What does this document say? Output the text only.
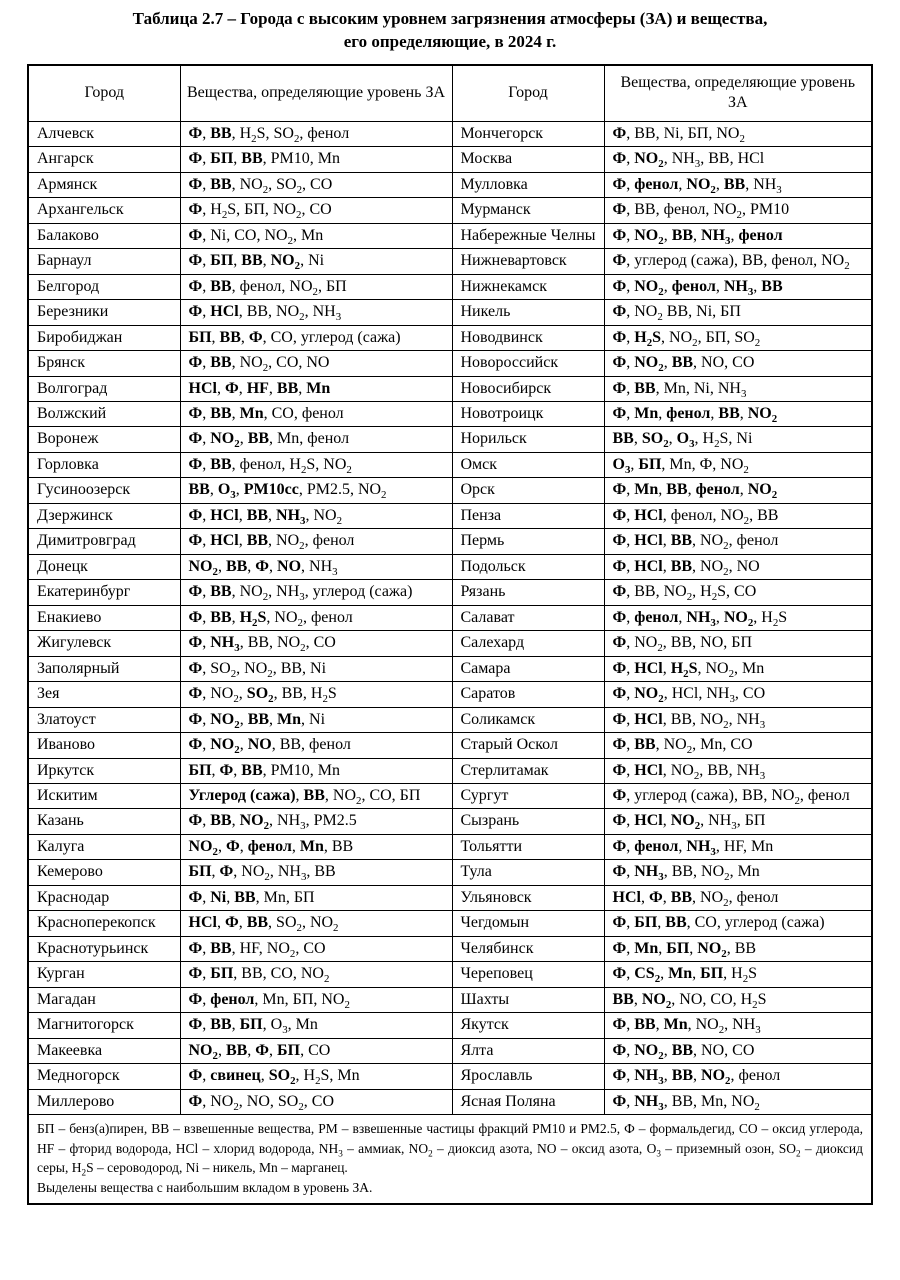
Таблица 2.7 – Города с высоким уровнем загрязнения атмосферы (ЗА) и вещества,
его определяющие, в 2024 г.
Город	Вещества, определяющие уровень ЗА	Город	Вещества, определяющие уровень ЗА
Алчевск	Ф, ВВ, $H_2S$, $SO_2$, фенол	Мончегорск	Ф, ВВ, Ni, БП, $NO_2$
Ангарск	Ф, БП, ВВ, PM10, Mn	Москва	Ф, $NO_2$, $NH_3$, ВВ, HCl
Армянск	Ф, ВВ, $NO_2$, $SO_2$, CO	Мулловка	Ф, фенол, $NO_2$, ВВ, $NH_3$
Архангельск	Ф, $H_2S$, БП, $NO_2$, CO	Мурманск	Ф, ВВ, фенол, $NO_2$, PM10
Балаково	Ф, Ni, CO, $NO_2$, Mn	Набережные Челны	Ф, $NO_2$, ВВ, $NH_3$, фенол
Барнаул	Ф, БП, ВВ, $NO_2$, Ni	Нижневартовск	Ф, углерод (сажа), ВВ, фенол, $NO_2$
Белгород	Ф, ВВ, фенол, $NO_2$, БП	Нижнекамск	Ф, $NO_2$, фенол, $NH_3$, ВВ
Березники	Ф, HCl, ВВ, $NO_2$, $NH_3$	Никель	Ф, $NO_2$ ВВ, Ni, БП
Биробиджан	БП, ВВ, Ф, CO, углерод (сажа)	Новодвинск	Ф, $H_2S$, $NO_2$, БП, $SO_2$
Брянск	Ф, ВВ, $NO_2$, CO, NO	Новороссийск	Ф, $NO_2$, ВВ, NO, CO
Волгоград	HCl, Ф, HF, ВВ, Mn	Новосибирск	Ф, ВВ, Mn, Ni, $NH_3$
Волжский	Ф, ВВ, Mn, CO, фенол	Новотроицк	Ф, Mn, фенол, ВВ, $NO_2$
Воронеж	Ф, $NO_2$, ВВ, Mn, фенол	Норильск	ВВ, $SO_2$, $O_3$, $H_2S$, Ni
Горловка	Ф, ВВ, фенол, $H_2S$, $NO_2$	Омск	$O_3$, БП, Mn, Ф, $NO_2$
Гусиноозерск	ВВ, $O_3$, PM10сс, PM2.5, $NO_2$	Орск	Ф, Mn, ВВ, фенол, $NO_2$
Дзержинск	Ф, HCl, ВВ, $NH_3$, $NO_2$	Пенза	Ф, HCl, фенол, $NO_2$, ВВ
Димитровград	Ф, HCl, ВВ, $NO_2$, фенол	Пермь	Ф, HCl, ВВ, $NO_2$, фенол
Донецк	$NO_2$, ВВ, Ф, NO, $NH_3$	Подольск	Ф, HCl, ВВ, $NO_2$, NO
Екатеринбург	Ф, ВВ, $NO_2$, $NH_3$, углерод (сажа)	Рязань	Ф, ВВ, $NO_2$, $H_2S$, CO
Енакиево	Ф, ВВ, $H_2S$, $NO_2$, фенол	Салават	Ф, фенол, $NH_3$, $NO_2$, $H_2S$
Жигулевск	Ф, $NH_3$, ВВ, $NO_2$, CO	Салехард	Ф, $NO_2$, ВВ, NO, БП
Заполярный	Ф, $SO_2$, $NO_2$, ВВ, Ni	Самара	Ф, HCl, $H_2S$, $NO_2$, Mn
Зея	Ф, $NO_2$, $SO_2$, ВВ, $H_2S$	Саратов	Ф, $NO_2$, HCl, $NH_3$, CO
Златоуст	Ф, $NO_2$, ВВ, Mn, Ni	Соликамск	Ф, HCl, ВВ, $NO_2$, $NH_3$
Иваново	Ф, $NO_2$, NO, ВВ, фенол	Старый Оскол	Ф, ВВ, $NO_2$, Mn, CO
Иркутск	БП, Ф, ВВ, PM10, Mn	Стерлитамак	Ф, HCl, $NO_2$, ВВ, $NH_3$
Искитим	Углерод (сажа), ВВ, $NO_2$, CO, БП	Сургут	Ф, углерод (сажа), ВВ, $NO_2$, фенол
Казань	Ф, ВВ, $NO_2$, $NH_3$, PM2.5	Сызрань	Ф, HCl, $NO_2$, $NH_3$, БП
Калуга	$NO_2$, Ф, фенол, Mn, ВВ	Тольятти	Ф, фенол, $NH_3$, HF, Mn
Кемерово	БП, Ф, $NO_2$, $NH_3$, ВВ	Тула	Ф, $NH_3$, ВВ, $NO_2$, Mn
Краснодар	Ф, Ni, ВВ, Mn, БП	Ульяновск	HCl, Ф, ВВ, $NO_2$, фенол
Красноперекопск	HCl, Ф, ВВ, $SO_2$, $NO_2$	Чегдомын	Ф, БП, ВВ, CO, углерод (сажа)
Краснотурьинск	Ф, ВВ, HF, $NO_2$, CO	Челябинск	Ф, Mn, БП, $NO_2$, ВВ
Курган	Ф, БП, ВВ, CO, $NO_2$	Череповец	Ф, $CS_2$, Mn, БП, $H_2S$
Магадан	Ф, фенол, Mn, БП, $NO_2$	Шахты	ВВ, $NO_2$, NO, CO, $H_2S$
Магнитогорск	Ф, ВВ, БП, $O_3$, Mn	Якутск	Ф, ВВ, Mn, $NO_2$, $NH_3$
Макеевка	$NO_2$, ВВ, Ф, БП, CO	Ялта	Ф, $NO_2$, ВВ, NO, CO
Медногорск	Ф, свинец, $SO_2$, $H_2S$, Mn	Ярославль	Ф, $NH_3$, ВВ, $NO_2$, фенол
Миллерово	Ф, $NO_2$, NO, $SO_2$, CO	Ясная Поляна	Ф, $NH_3$, ВВ, Mn, $NO_2$

БП – бенз(а)пирен, ВВ – взвешенные вещества, PM – взвешенные частицы фракций PM10 и PM2.5, Ф – формальдегид, CO – оксид углерода, HF – фторид водорода, HCl – хлорид водорода, $NH_3$ – аммиак, $NO_2$ – диоксид азота, NO – оксид азота, $O_3$ – приземный озон, $SO_2$ – диоксид серы, $H_2S$ – сероводород, Ni – никель, Mn – марганец.
Выделены вещества с наибольшим вкладом в уровень ЗА.			
